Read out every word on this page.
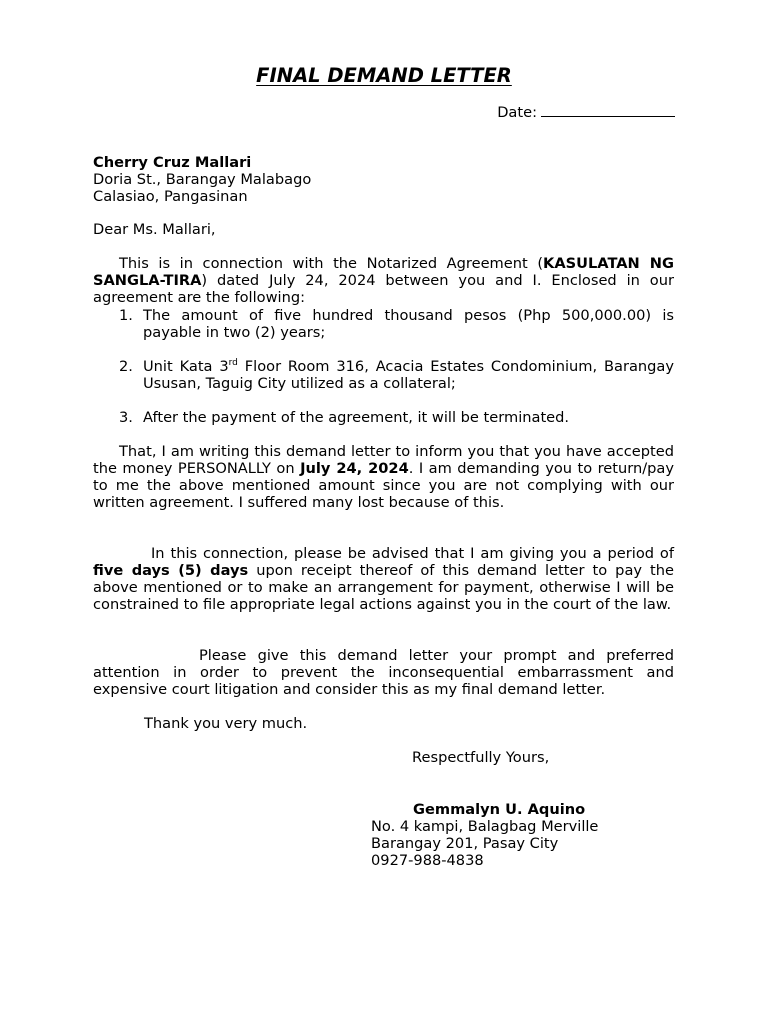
FINAL DEMAND LETTER
Date:
Cherry Cruz Mallari
Doria St., Barangay Malabago
Calasiao, Pangasinan
Dear Ms. Mallari,
This is in connection with the Notarized Agreement (KASULATAN NG SANGLA-TIRA) dated July 24, 2024 between you and I. Enclosed in our agreement are the following:
1. The amount of five hundred thousand pesos (Php 500,000.00) is payable in two (2) years;
2. Unit Kata 3rd Floor Room 316, Acacia Estates Condominium, Barangay Ususan, Taguig City utilized as a collateral;
3. After the payment of the agreement, it will be terminated.
That, I am writing this demand letter to inform you that you have accepted the money PERSONALLY on July 24, 2024. I am demanding you to return/pay to me the above mentioned amount since you are not complying with our written agreement. I suffered many lost because of this.
In this connection, please be advised that I am giving you a period of five days (5) days upon receipt thereof of this demand letter to pay the above mentioned or to make an arrangement for payment, otherwise I will be constrained to file appropriate legal actions against you in the court of the law.
Please give this demand letter your prompt and preferred attention in order to prevent the inconsequential embarrassment and expensive court litigation and consider this as my final demand letter.
Thank you very much.
Respectfully Yours,
Gemmalyn U. Aquino
No. 4 kampi, Balagbag Merville
Barangay 201, Pasay City
0927-988-4838
